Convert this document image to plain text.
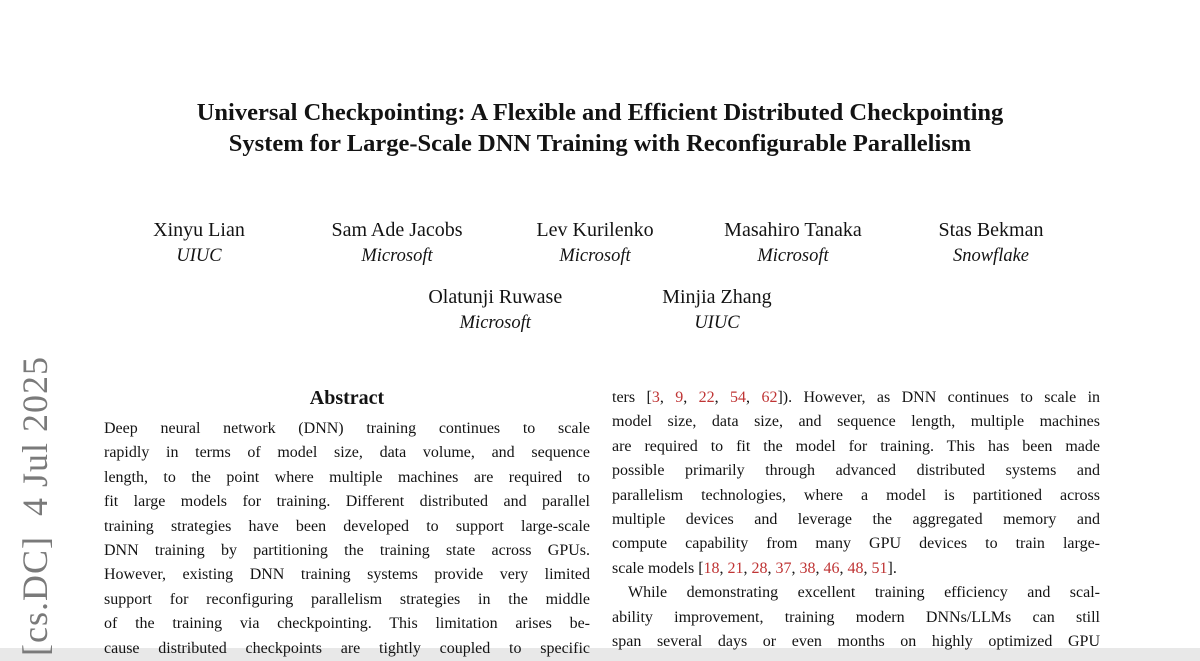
[cs.DC]  4 Jul 2025
Universal Checkpointing: A Flexible and Efficient Distributed Checkpointing
System for Large-Scale DNN Training with Reconfigurable Parallelism
Xinyu Lian
UIUC
Sam Ade Jacobs
Microsoft
Lev Kurilenko
Microsoft
Masahiro Tanaka
Microsoft
Stas Bekman
Snowflake
Olatunji Ruwase
Microsoft
Minjia Zhang
UIUC
Abstract
Deep neural network (DNN) training continues to scale
rapidly in terms of model size, data volume, and sequence
length, to the point where multiple machines are required to
fit large models for training. Different distributed and parallel
training strategies have been developed to support large-scale
DNN training by partitioning the training state across GPUs.
However, existing DNN training systems provide very limited
support for reconfiguring parallelism strategies in the middle
of the training via checkpointing. This limitation arises be-
cause distributed checkpoints are tightly coupled to specific
ters [3, 9, 22, 54, 62]). However, as DNN continues to scale in
model size, data size, and sequence length, multiple machines
are required to fit the model for training. This has been made
possible primarily through advanced distributed systems and
parallelism technologies, where a model is partitioned across
multiple devices and leverage the aggregated memory and
compute capability from many GPU devices to train large-
scale models [18, 21, 28, 37, 38, 46, 48, 51].
While demonstrating excellent training efficiency and scal-
ability improvement, training modern DNNs/LLMs can still
span several days or even months on highly optimized GPU
